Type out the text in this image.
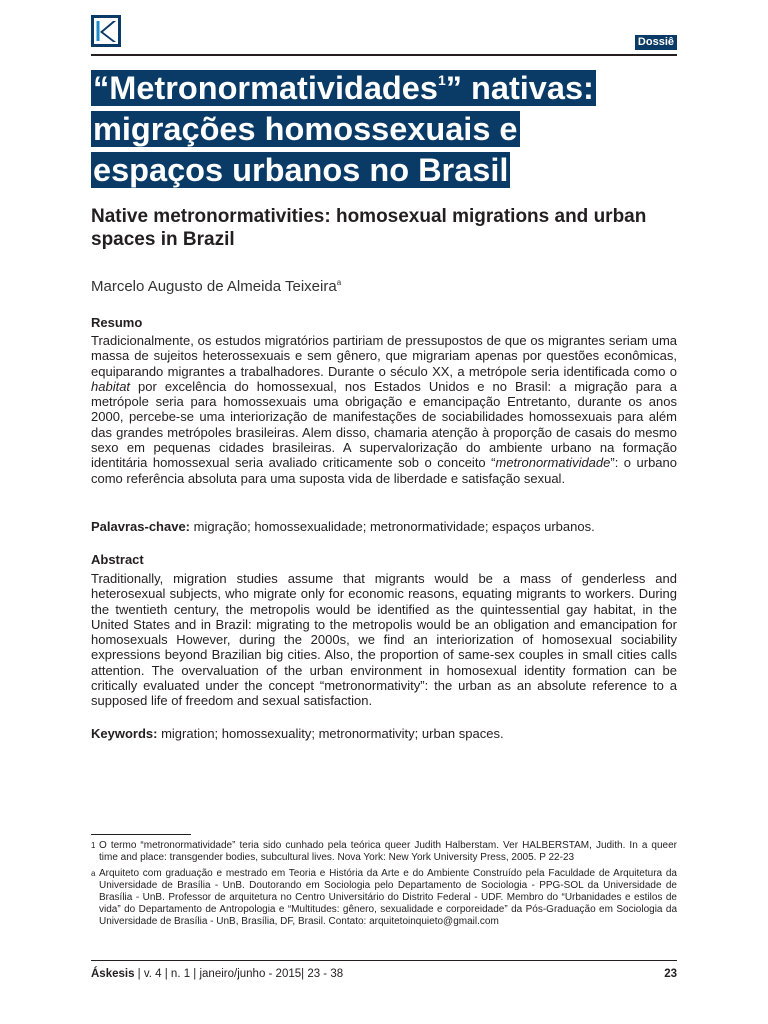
Dossiê
“Metronormatividades$^1$” nativas:
migrações homossexuais e
espaços urbanos no Brasil
Native metronormativities: homosexual migrations and urban spaces in Brazil
Marcelo Augusto de Almeida Teixeira$^a$
Resumo

Tradicionalmente, os estudos migratórios partiriam de pressupostos de que os migrantes seriam uma massa de sujeitos heterossexuais e sem gênero, que migrariam apenas por questões econômicas, equiparando migrantes a trabalhadores. Durante o século XX, a metrópole seria identificada como o habitat por excelência do homossexual, nos Estados Unidos e no Brasil: a migração para a metrópole seria para homossexuais uma obrigação e emancipação Entretanto, durante os anos 2000, percebe-se uma interiorização de manifestações de sociabilidades homossexuais para além das grandes metrópoles brasileiras. Alem disso, chamaria atenção à proporção de casais do mesmo sexo em pequenas cidades brasileiras. A supervalorização do ambiente urbano na formação identitária homossexual seria avaliado criticamente sob o conceito “metronormatividade”: o urbano como referência absoluta para uma suposta vida de liberdade e satisfação sexual.

Palavras-chave: migração; homossexualidade; metronormatividade; espaços urbanos.
Abstract

Traditionally, migration studies assume that migrants would be a mass of genderless and heterosexual subjects, who migrate only for economic reasons, equating migrants to workers. During the twentieth century, the metropolis would be identified as the quintessential gay habitat, in the United States and in Brazil: migrating to the metropolis would be an obligation and emancipation for homosexuals However, during the 2000s, we find an interiorization of homosexual sociability expressions beyond Brazilian big cities. Also, the proportion of same-sex couples in small cities calls attention. The overvaluation of the urban environment in homosexual identity formation can be critically evaluated under the concept “metronormativity”: the urban as an absolute reference to a supposed life of freedom and sexual satisfaction.

Keywords: migration; homossexuality; metronormativity; urban spaces.
1 O termo “metronormatividade” teria sido cunhado pela teórica queer Judith Halberstam. Ver HALBERSTAM, Judith. In a queer time and place: transgender bodies, subcultural lives. Nova York: New York University Press, 2005. P 22-23
a Arquiteto com graduação e mestrado em Teoria e História da Arte e do Ambiente Construído pela Faculdade de Arquitetura da Universidade de Brasília - UnB. Doutorando em Sociologia pelo Departamento de Sociologia - PPG-SOL da Universidade de Brasília - UnB. Professor de arquitetura no Centro Universitário do Distrito Federal - UDF. Membro do “Urbanidades e estilos de vida” do Departamento de Antropologia e “Multitudes: gênero, sexualidade e corporeidade” da Pós-Graduação em Sociologia da Universidade de Brasília - UnB, Brasília, DF, Brasil. Contato: arquitetoinquieto@gmail.com
Áskesis | v. 4 | n. 1 | janeiro/junho - 2015| 23 - 38	23
